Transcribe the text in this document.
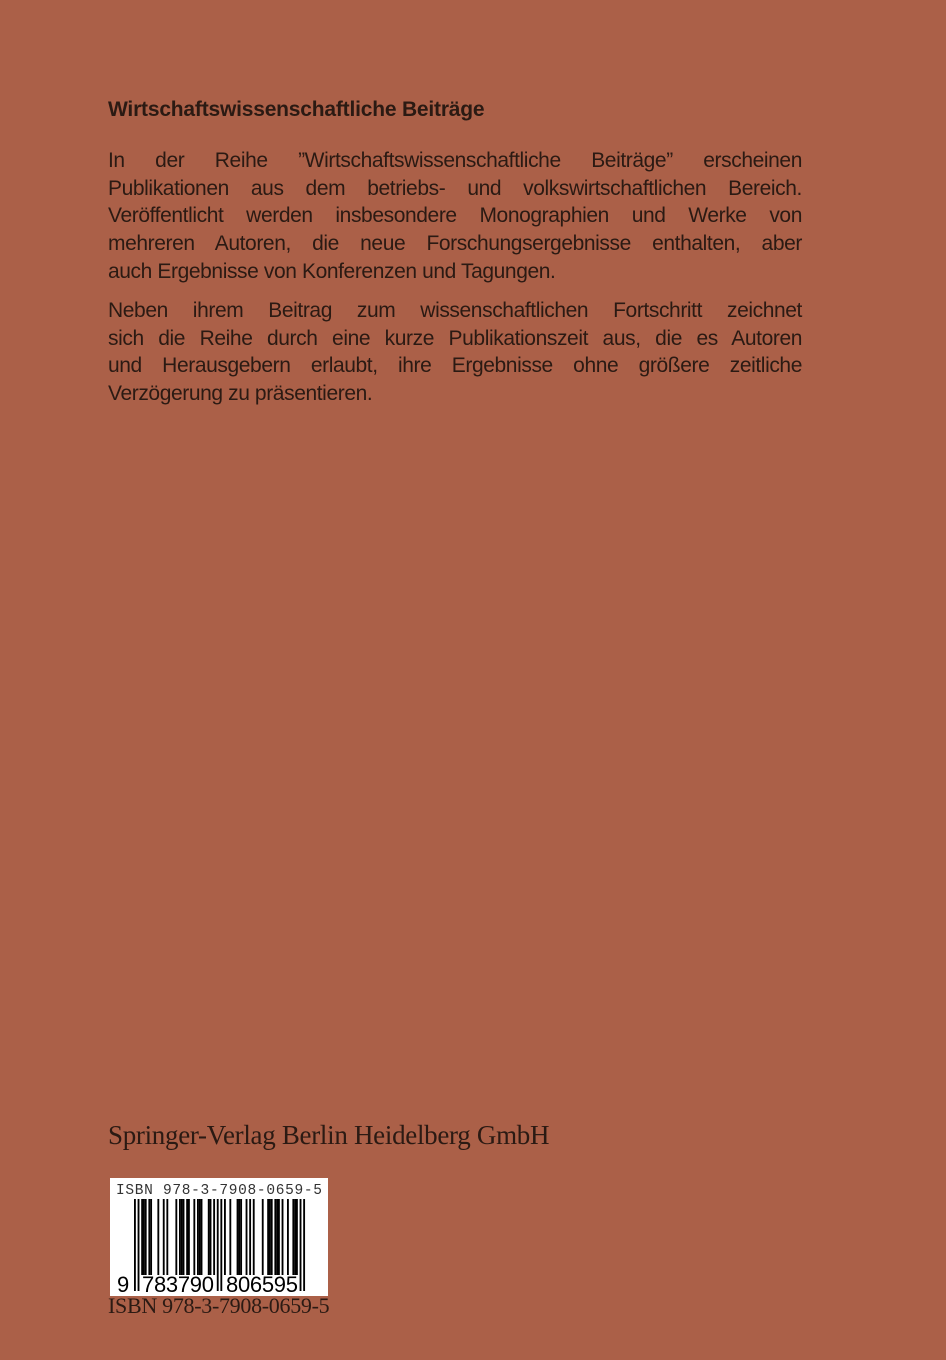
Wirtschaftswissenschaftliche Beiträge
In der Reihe ”Wirtschaftswissenschaftliche Beiträge” erscheinen
Publikationen aus dem betriebs- und volkswirtschaftlichen Bereich.
Veröffentlicht werden insbesondere Monographien und Werke von
mehreren Autoren, die neue Forschungsergebnisse enthalten, aber
auch Ergebnisse von Konferenzen und Tagungen.
Neben ihrem Beitrag zum wissenschaftlichen Fortschritt zeichnet
sich die Reihe durch eine kurze Publikationszeit aus, die es Autoren
und Herausgebern erlaubt, ihre Ergebnisse ohne größere zeitliche
Verzögerung zu präsentieren.
Springer-Verlag Berlin Heidelberg GmbH
ISBN 978-3-7908-0659-5
9 783790 806595
ISBN 978-3-7908-0659-5
